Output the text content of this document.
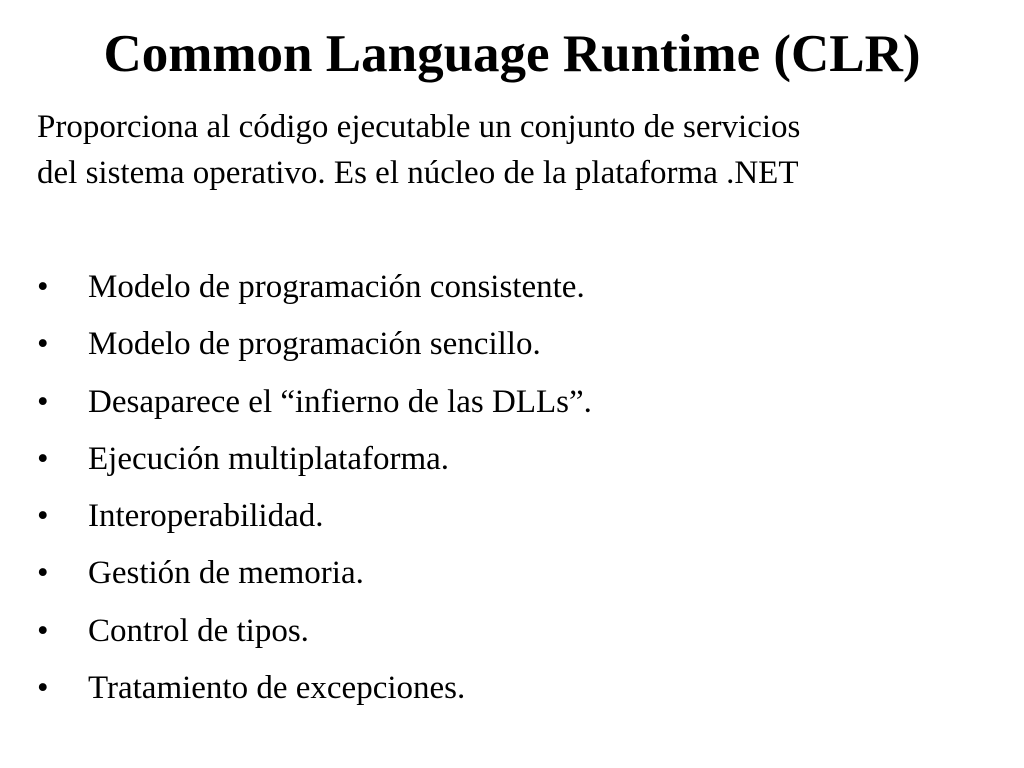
Common Language Runtime (CLR)

Proporciona al código ejecutable un conjunto de servicios
del sistema operativo. Es el núcleo de la plataforma .NET

•	Modelo de programación consistente.
•	Modelo de programación sencillo.
•	Desaparece el “infierno de las DLLs”.
•	Ejecución multiplataforma.
•	Interoperabilidad.
•	Gestión de memoria.
•	Control de tipos.
•	Tratamiento de excepciones.
